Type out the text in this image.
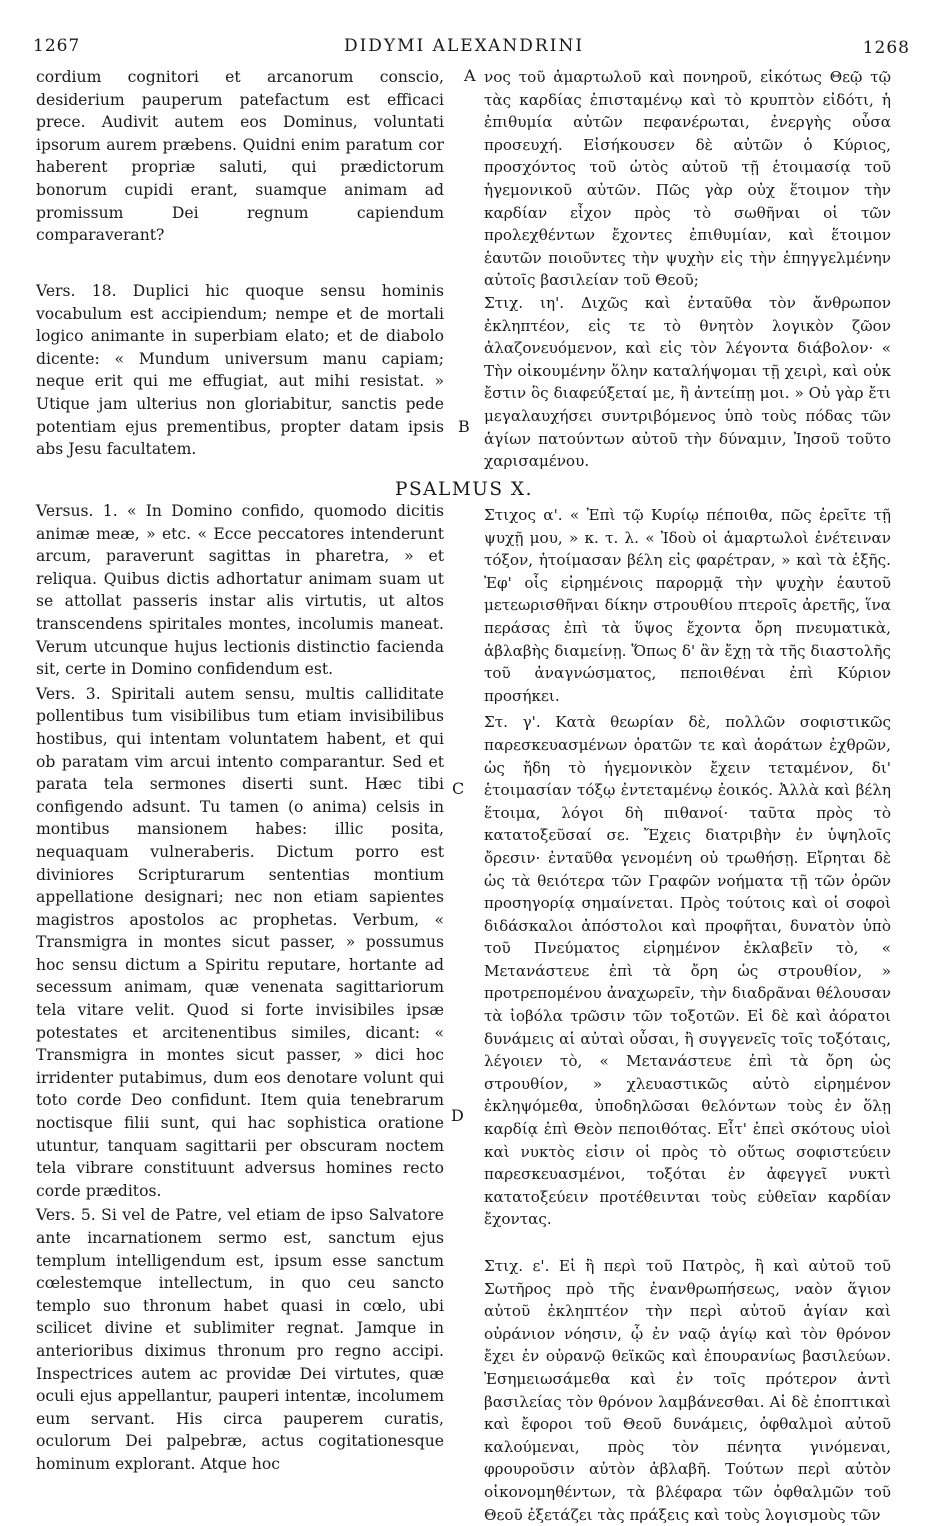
1267	DIDYMI ALEXANDRINI	1268
A
B
C
D

cordium cognitori et arcanorum conscio, desiderium pauperum patefactum est efficaci prece. Audivit autem eos Dominus, voluntati ipsorum aurem præbens. Quidni enim paratum cor haberent propriæ saluti, qui prædictorum bonorum cupidi erant, suamque animam ad promissum Dei regnum capiendum comparaverant?

Vers. 18. Duplici hic quoque sensu hominis vocabulum est accipiendum; nempe et de mortali logico animante in superbiam elato; et de diabolo dicente: « Mundum universum manu capiam; neque erit qui me effugiat, aut mihi resistat. » Utique jam ulterius non gloriabitur, sanctis pede potentiam ejus prementibus, propter datam ipsis abs Jesu facultatem.

νος τοῦ ἁμαρτωλοῦ καὶ πονηροῦ, εἰκότως Θεῷ τῷ τὰς καρδίας ἐπισταμένῳ καὶ τὸ κρυπτὸν εἰδότι, ἡ ἐπιθυμία αὐτῶν πεφανέρωται, ἐνεργὴς οὖσα προσευχή. Εἰσήκουσεν δὲ αὐτῶν ὁ Κύριος, προσχόντος τοῦ ὠτὸς αὐτοῦ τῇ ἑτοιμασίᾳ τοῦ ἡγεμονικοῦ αὐτῶν. Πῶς γὰρ οὐχ ἕτοιμον τὴν καρδίαν εἶχον πρὸς τὸ σωθῆναι οἱ τῶν προλεχθέντων ἔχοντες ἐπιθυμίαν, καὶ ἕτοιμον ἑαυτῶν ποιοῦντες τὴν ψυχὴν εἰς τὴν ἐπηγγελμένην αὐτοῖς βασιλείαν τοῦ Θεοῦ;

Στιχ. ιη'. Διχῶς καὶ ἐνταῦθα τὸν ἄνθρωπον ἐκληπτέον, εἰς τε τὸ θνητὸν λογικὸν ζῶον ἀλαζονευόμενον, καὶ εἰς τὸν λέγοντα διάβολον· « Τὴν οἰκουμένην ὅλην καταλήψομαι τῇ χειρὶ, καὶ οὐκ ἔστιν ὃς διαφεύξεταί με, ἢ ἀντείπῃ μοι. » Οὐ γὰρ ἔτι μεγαλαυχήσει συντριβόμενος ὑπὸ τοὺς πόδας τῶν ἁγίων πατούντων αὐτοῦ τὴν δύναμιν, Ἰησοῦ τοῦτο χαρισαμένου.

PSALMUS X.

Versus. 1. « In Domino confido, quomodo dicitis animæ meæ, » etc. « Ecce peccatores intenderunt arcum, paraverunt sagittas in pharetra, » et reliqua. Quibus dictis adhortatur animam suam ut se attollat passeris instar alis virtutis, ut altos transcendens spiritales montes, incolumis maneat. Verum utcunque hujus lectionis distinctio facienda sit, certe in Domino confidendum est.

Vers. 3. Spiritali autem sensu, multis calliditate pollentibus tum visibilibus tum etiam invisibilibus hostibus, qui intentam voluntatem habent, et qui ob paratam vim arcui intento comparantur. Sed et parata tela sermones diserti sunt. Hæc tibi configendo adsunt. Tu tamen (o anima) celsis in montibus mansionem habes: illic posita, nequaquam vulneraberis. Dictum porro est diviniores Scripturarum sententias montium appellatione designari; nec non etiam sapientes magistros apostolos ac prophetas. Verbum, « Transmigra in montes sicut passer, » possumus hoc sensu dictum a Spiritu reputare, hortante ad secessum animam, quæ venenata sagittariorum tela vitare velit. Quod si forte invisibiles ipsæ potestates et arcitenentibus similes, dicant: « Transmigra in montes sicut passer, » dici hoc irridenter putabimus, dum eos denotare volunt qui toto corde Deo confidunt. Item quia tenebrarum noctisque filii sunt, qui hac sophistica oratione utuntur, tanquam sagittarii per obscuram noctem tela vibrare constituunt adversus homines recto corde præditos.

Vers. 5. Si vel de Patre, vel etiam de ipso Salvatore ante incarnationem sermo est, sanctum ejus templum intelligendum est, ipsum esse sanctum cœlestemque intellectum, in quo ceu sancto templo suo thronum habet quasi in cœlo, ubi scilicet divine et sublimiter regnat. Jamque in anterioribus diximus thronum pro regno accipi. Inspectrices autem ac providæ Dei virtutes, quæ oculi ejus appellantur, pauperi intentæ, incolumem eum servant. His circa pauperem curatis, oculorum Dei palpebræ, actus cogitationesque hominum explorant. Atque hoc

Στιχος α'. « Ἐπὶ τῷ Κυρίῳ πέποιθα, πῶς ἐρεῖτε τῇ ψυχῇ μου, » κ. τ. λ. « Ἰδοὺ οἱ ἁμαρτωλοὶ ἐνέτειναν τόξον, ἡτοίμασαν βέλη εἰς φαρέτραν, » καὶ τὰ ἑξῆς. Ἐφ' οἷς εἰρημένοις παρορμᾷ τὴν ψυχὴν ἑαυτοῦ μετεωρισθῆναι δίκην στρουθίου πτεροῖς ἀρετῆς, ἵνα περάσας ἐπὶ τὰ ὕψος ἔχοντα ὄρη πνευματικὰ, ἀβλαβὴς διαμείνῃ. Ὅπως δ' ἂν ἔχῃ τὰ τῆς διαστολῆς τοῦ ἀναγνώσματος, πεποιθέναι ἐπὶ Κύριον προσήκει.

Στ. γ'. Κατὰ θεωρίαν δὲ, πολλῶν σοφιστικῶς παρεσκευασμένων ὁρατῶν τε καὶ ἀοράτων ἐχθρῶν, ὡς ἤδη τὸ ἡγεμονικὸν ἔχειν τεταμένον, δι' ἑτοιμασίαν τόξῳ ἐντεταμένῳ ἐοικός. Ἀλλὰ καὶ βέλη ἕτοιμα, λόγοι δὴ πιθανοί· ταῦτα πρὸς τὸ κατατοξεῦσαί σε. Ἔχεις διατριβὴν ἐν ὑψηλοῖς ὄρεσιν· ἐνταῦθα γενομένη οὐ τρωθήσῃ. Εἴρηται δὲ ὡς τὰ θειότερα τῶν Γραφῶν νοήματα τῇ τῶν ὀρῶν προσηγορίᾳ σημαίνεται. Πρὸς τούτοις καὶ οἱ σοφοὶ διδάσκαλοι ἀπόστολοι καὶ προφῆται, δυνατὸν ὑπὸ τοῦ Πνεύματος εἰρημένον ἐκλαβεῖν τὸ, « Μετανάστευε ἐπὶ τὰ ὄρη ὡς στρουθίον, » προτρεπομένου ἀναχωρεῖν, τὴν διαδρᾶναι θέλουσαν τὰ ἰοβόλα τρῶσιν τῶν τοξοτῶν. Εἰ δὲ καὶ ἀόρατοι δυνάμεις αἱ αὐταὶ οὖσαι, ἢ συγγενεῖς τοῖς τοξόταις, λέγοιεν τὸ, « Μετανάστευε ἐπὶ τὰ ὄρη ὡς στρουθίον, » χλευαστικῶς αὐτὸ εἰρημένον ἐκληψόμεθα, ὑποδηλῶσαι θελόντων τοὺς ἐν ὅλῃ καρδίᾳ ἐπὶ Θεὸν πεποιθότας. Εἶτ' ἐπεὶ σκότους υἱοὶ καὶ νυκτὸς εἰσιν οἱ πρὸς τὸ οὕτως σοφιστεύειν παρεσκευασμένοι, τοξόται ἐν ἀφεγγεῖ νυκτὶ κατατοξεύειν προτέθεινται τοὺς εὐθεῖαν καρδίαν ἔχοντας.

Στιχ. ε'. Εἰ ἢ περὶ τοῦ Πατρὸς, ἢ καὶ αὐτοῦ τοῦ Σωτῆρος πρὸ τῆς ἐνανθρωπήσεως, ναὸν ἅγιον αὐτοῦ ἐκληπτέον τὴν περὶ αὐτοῦ ἁγίαν καὶ οὐράνιον νόησιν, ᾧ ἐν ναῷ ἁγίῳ καὶ τὸν θρόνον ἔχει ἐν οὐρανῷ θεϊκῶς καὶ ἐπουρανίως βασιλεύων. Ἐσημειωσάμεθα καὶ ἐν τοῖς πρότερον ἀντὶ βασιλείας τὸν θρόνον λαμβάνεσθαι. Αἱ δὲ ἐποπτικαὶ καὶ ἔφοροι τοῦ Θεοῦ δυνάμεις, ὀφθαλμοὶ αὐτοῦ καλούμεναι, πρὸς τὸν πένητα γινόμεναι, φρουροῦσιν αὐτὸν ἀβλαβῆ. Τούτων περὶ αὐτὸν οἰκονομηθέντων, τὰ βλέφαρα τῶν ὀφθαλμῶν τοῦ Θεοῦ ἐξετάζει τὰς πράξεις καὶ τοὺς λογισμοὺς τῶν
